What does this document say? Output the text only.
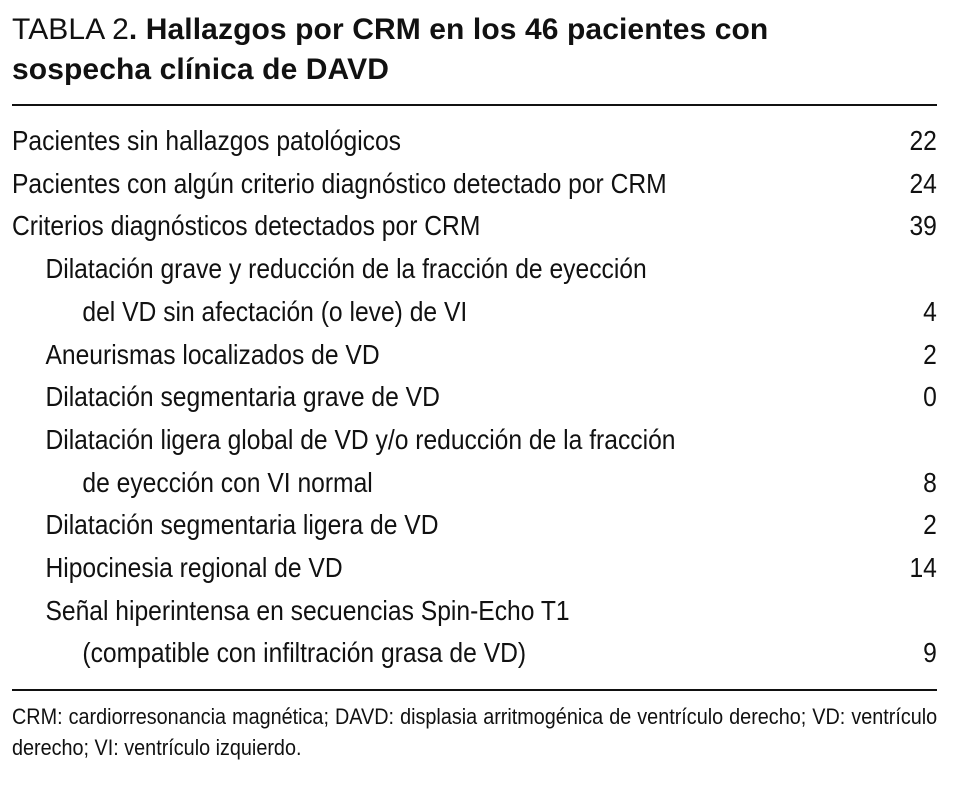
TABLA 2. Hallazgos por CRM en los 46 pacientes con
sospecha clínica de DAVD
Pacientes sin hallazgos patológicos	22
Pacientes con algún criterio diagnóstico detectado por CRM	24
Criterios diagnósticos detectados por CRM	39
Dilatación grave y reducción de la fracción de eyección
del VD sin afectación (o leve) de VI	4
Aneurismas localizados de VD	2
Dilatación segmentaria grave de VD	0
Dilatación ligera global de VD y/o reducción de la fracción
de eyección con VI normal	8
Dilatación segmentaria ligera de VD	2
Hipocinesia regional de VD	14
Señal hiperintensa en secuencias Spin-Echo T1
(compatible con infiltración grasa de VD)	9
CRM: cardiorresonancia magnética; DAVD: displasia arritmogénica de ventrículo derecho; VD: ventrículo derecho; VI: ventrículo izquierdo.
